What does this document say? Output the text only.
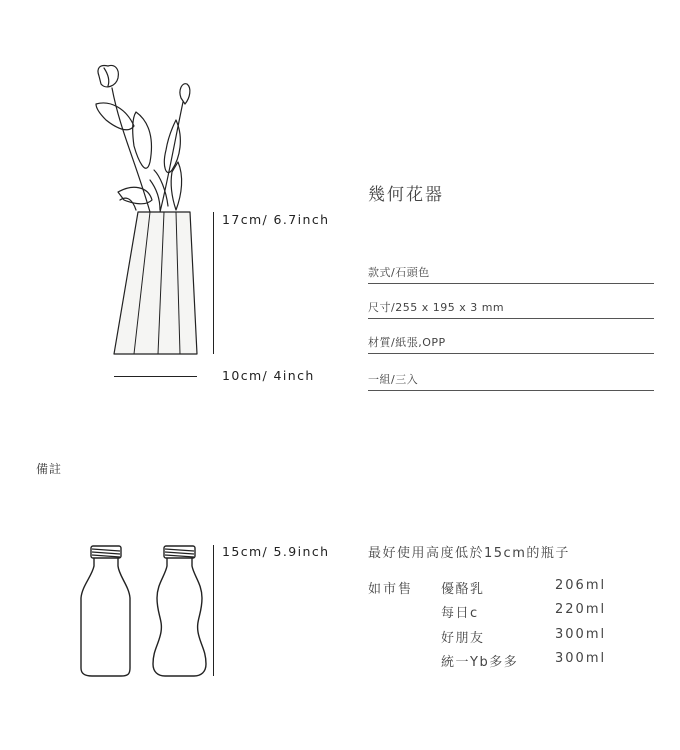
17cm/ 6.7inch
10cm/ 4inch
幾何花器
款式/石頭色
尺寸/255 x 195 x 3 mm
材質/紙張,OPP
一組/三入
備註
15cm/ 5.9inch	最好使用高度低於15cm的瓶子
如市售 優酪乳	206ml
每日c	220ml
好朋友	300ml
統一Yb多多	300ml
